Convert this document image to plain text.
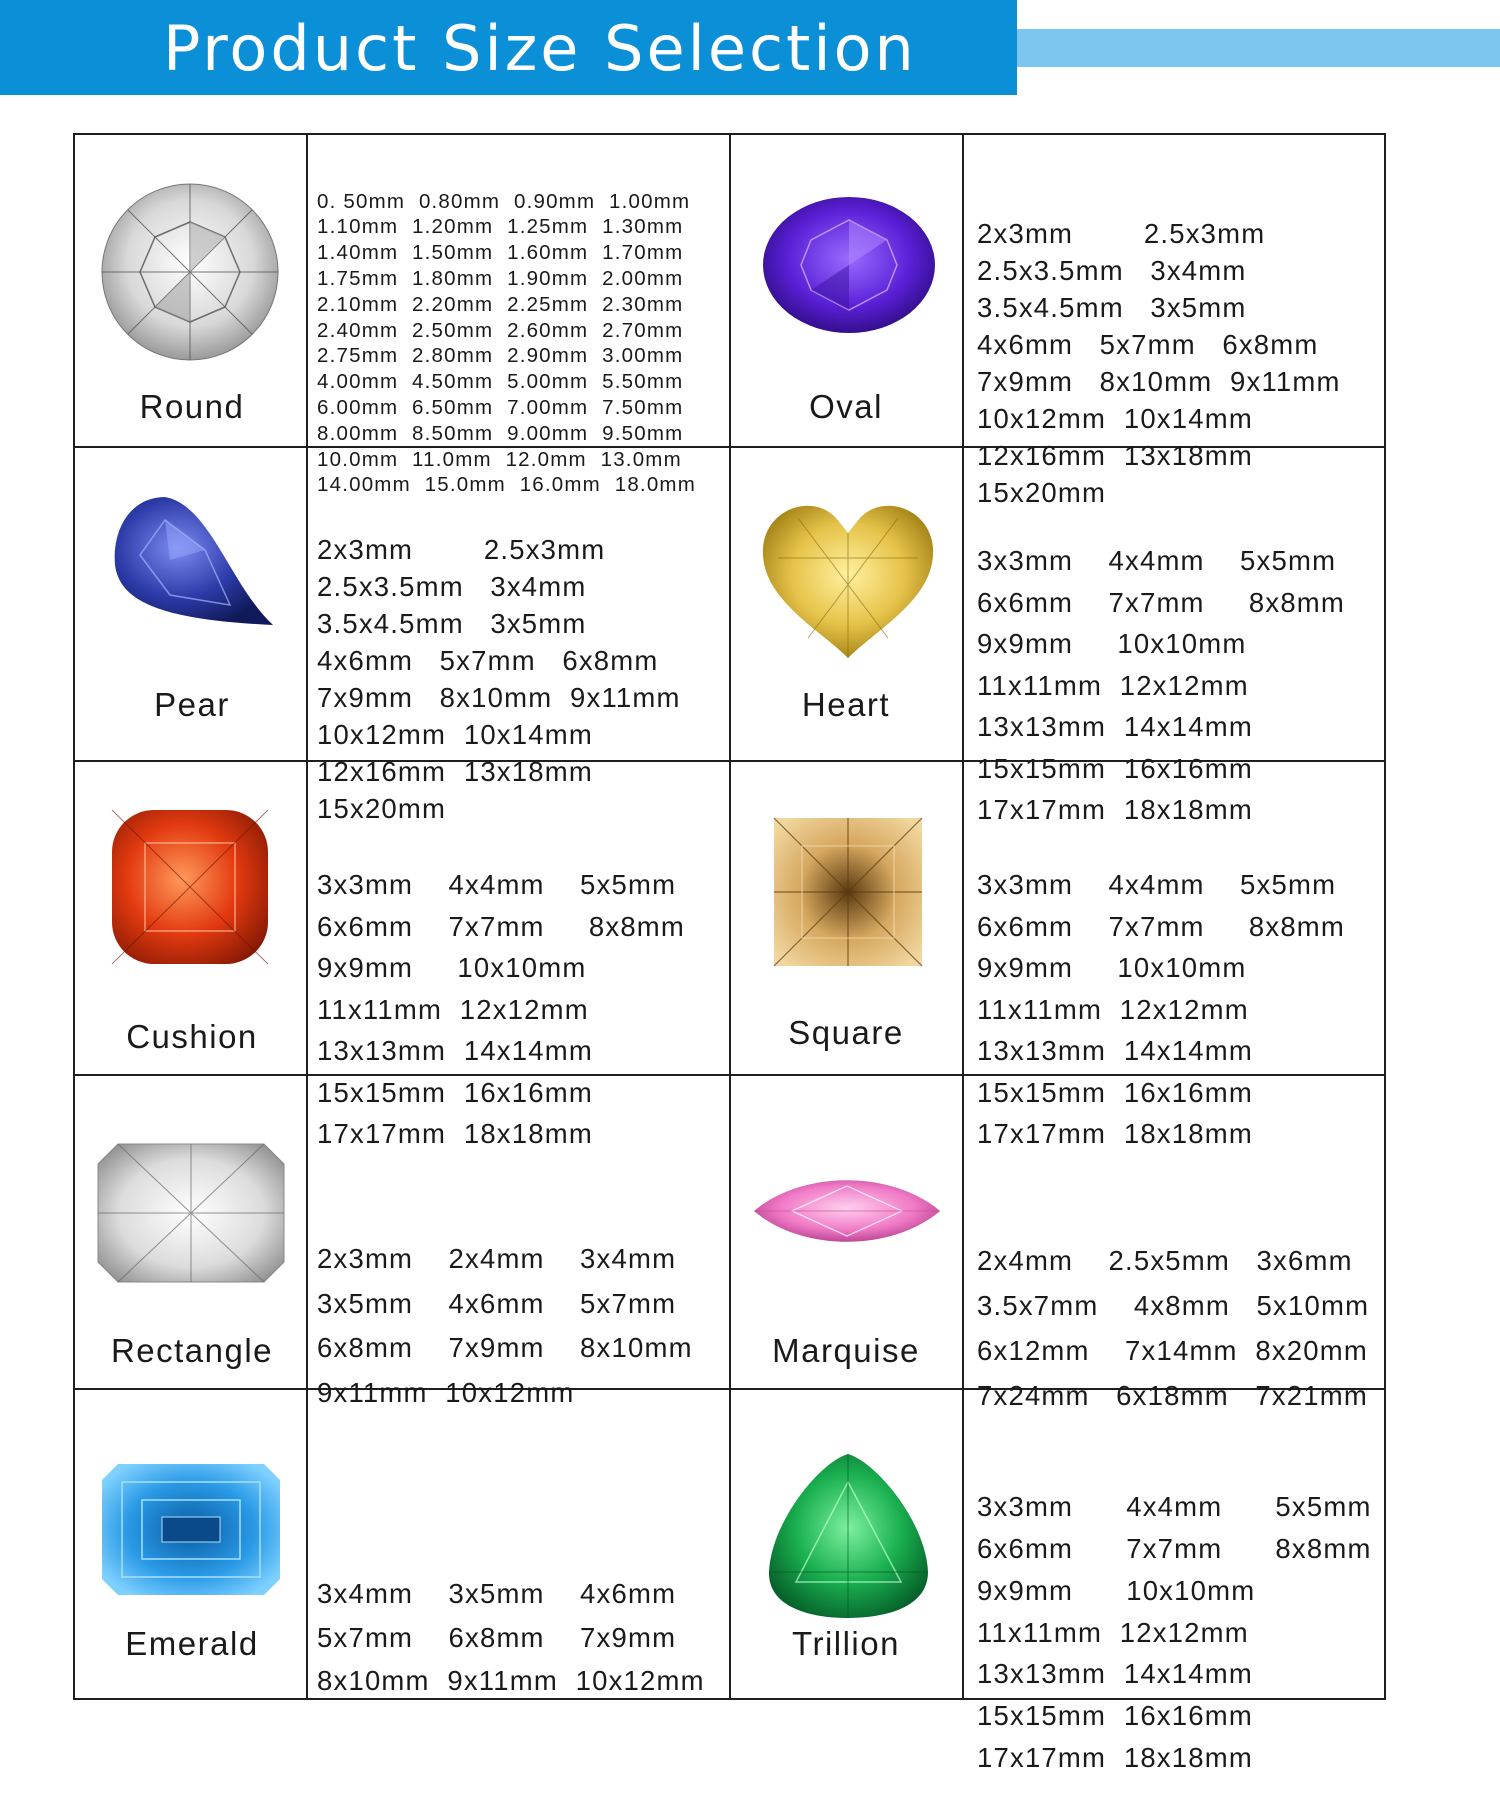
Product Size Selection
Round

0. 50mm  0.80mm  0.90mm  1.00mm
1.10mm  1.20mm  1.25mm  1.30mm
1.40mm  1.50mm  1.60mm  1.70mm
1.75mm  1.80mm  1.90mm  2.00mm
2.10mm  2.20mm  2.25mm  2.30mm
2.40mm  2.50mm  2.60mm  2.70mm
2.75mm  2.80mm  2.90mm  3.00mm
4.00mm  4.50mm  5.00mm  5.50mm
6.00mm  6.50mm  7.00mm  7.50mm
8.00mm  8.50mm  9.00mm  9.50mm
10.0mm  11.0mm  12.0mm  13.0mm
14.00mm  15.0mm  16.0mm  18.0mm

Oval

2x3mm        2.5x3mm
2.5x3.5mm   3x4mm
3.5x4.5mm   3x5mm
4x6mm   5x7mm   6x8mm
7x9mm   8x10mm  9x11mm
10x12mm  10x14mm
12x16mm  13x18mm
15x20mm

Pear

2x3mm        2.5x3mm
2.5x3.5mm   3x4mm
3.5x4.5mm   3x5mm
4x6mm   5x7mm   6x8mm
7x9mm   8x10mm  9x11mm
10x12mm  10x14mm
12x16mm  13x18mm
15x20mm

Heart

3x3mm    4x4mm    5x5mm
6x6mm    7x7mm     8x8mm
9x9mm     10x10mm
11x11mm  12x12mm
13x13mm  14x14mm
15x15mm  16x16mm
17x17mm  18x18mm

Cushion

3x3mm    4x4mm    5x5mm
6x6mm    7x7mm     8x8mm
9x9mm     10x10mm
11x11mm  12x12mm
13x13mm  14x14mm
15x15mm  16x16mm
17x17mm  18x18mm

Square

3x3mm    4x4mm    5x5mm
6x6mm    7x7mm     8x8mm
9x9mm     10x10mm
11x11mm  12x12mm
13x13mm  14x14mm
15x15mm  16x16mm
17x17mm  18x18mm

Rectangle

2x3mm    2x4mm    3x4mm
3x5mm    4x6mm    5x7mm
6x8mm    7x9mm    8x10mm
9x11mm  10x12mm

Marquise

2x4mm    2.5x5mm   3x6mm
3.5x7mm    4x8mm   5x10mm
6x12mm    7x14mm  8x20mm
7x24mm   6x18mm   7x21mm

Emerald

3x4mm    3x5mm    4x6mm
5x7mm    6x8mm    7x9mm
8x10mm  9x11mm  10x12mm

Trillion

3x3mm      4x4mm      5x5mm
6x6mm      7x7mm      8x8mm
9x9mm      10x10mm
11x11mm  12x12mm
13x13mm  14x14mm
15x15mm  16x16mm
17x17mm  18x18mm
